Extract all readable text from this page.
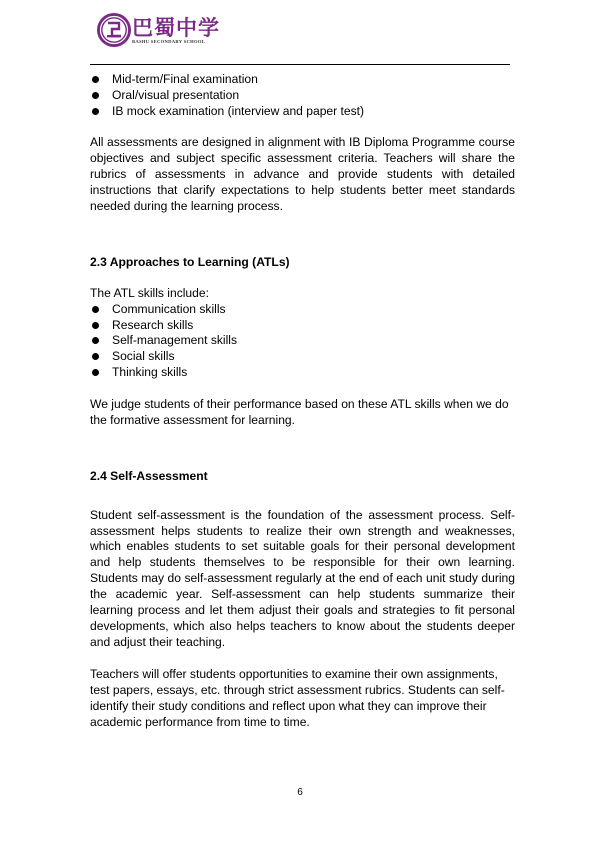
巴蜀中学
BASHU SECONDARY SCHOOL
Mid-term/Final examination
Oral/visual presentation
IB mock examination (interview and paper test)

All assessments are designed in alignment with IB Diploma Programme course objectives and subject specific assessment criteria. Teachers will share the rubrics of assessments in advance and provide students with detailed instructions that clarify expectations to help students better meet standards needed during the learning process.

2.3 Approaches to Learning (ATLs)

The ATL skills include:

Communication skills
Research skills
Self-management skills
Social skills
Thinking skills

We judge students of their performance based on these ATL skills when we do the formative assessment for learning.

2.4 Self-Assessment

Student self-assessment is the foundation of the assessment process. Self-assessment helps students to realize their own strength and weaknesses, which enables students to set suitable goals for their personal development and help students themselves to be responsible for their own learning. Students may do self-assessment regularly at the end of each unit study during the academic year. Self-assessment can help students summarize their learning process and let them adjust their goals and strategies to fit personal developments, which also helps teachers to know about the students deeper and adjust their teaching.

Teachers will offer students opportunities to examine their own assignments, test papers, essays, etc. through strict assessment rubrics. Students can self-identify their study conditions and reflect upon what they can improve their academic performance from time to time.

6
